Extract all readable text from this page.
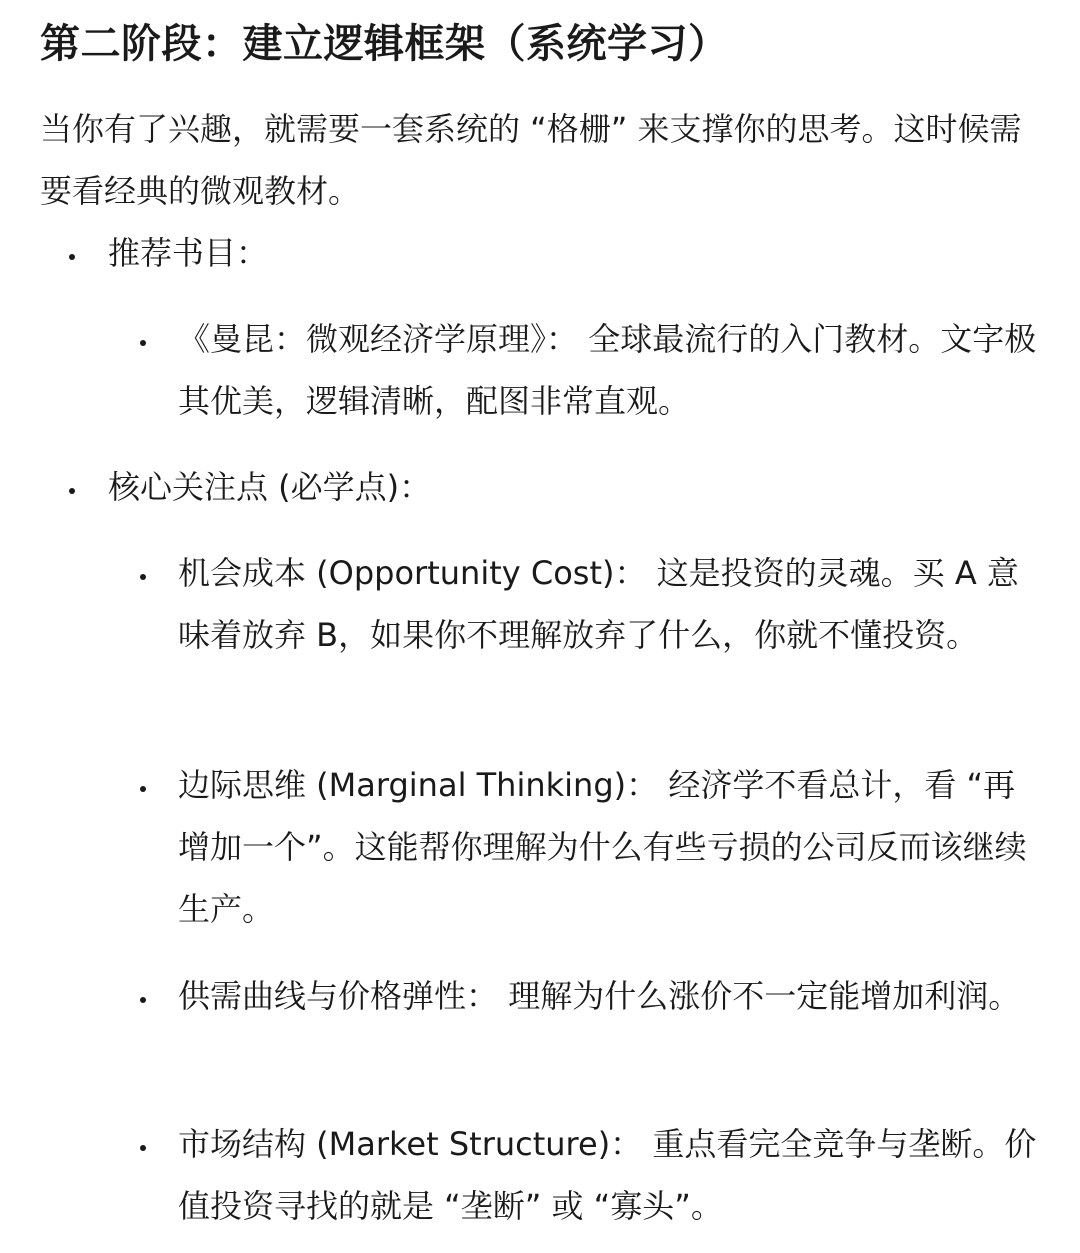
第二阶段：建立逻辑框架（系统学习）
当你有了兴趣，就需要一套系统的 “格栅” 来支撑你的思考。这时候需要看经典的微观教材。
推荐书目：
《曼昆：微观经济学原理》： 全球最流行的入门教材。文字极其优美，逻辑清晰，配图非常直观。
核心关注点 (必学点)：
机会成本 (Opportunity Cost)： 这是投资的灵魂。买 A 意味着放弃 B，如果你不理解放弃了什么，你就不懂投资。
边际思维 (Marginal Thinking)： 经济学不看总计，看 “再增加一个”。这能帮你理解为什么有些亏损的公司反而该继续生产。
供需曲线与价格弹性： 理解为什么涨价不一定能增加利润。
市场结构 (Market Structure)： 重点看完全竞争与垄断。价值投资寻找的就是 “垄断” 或 “寡头”。
